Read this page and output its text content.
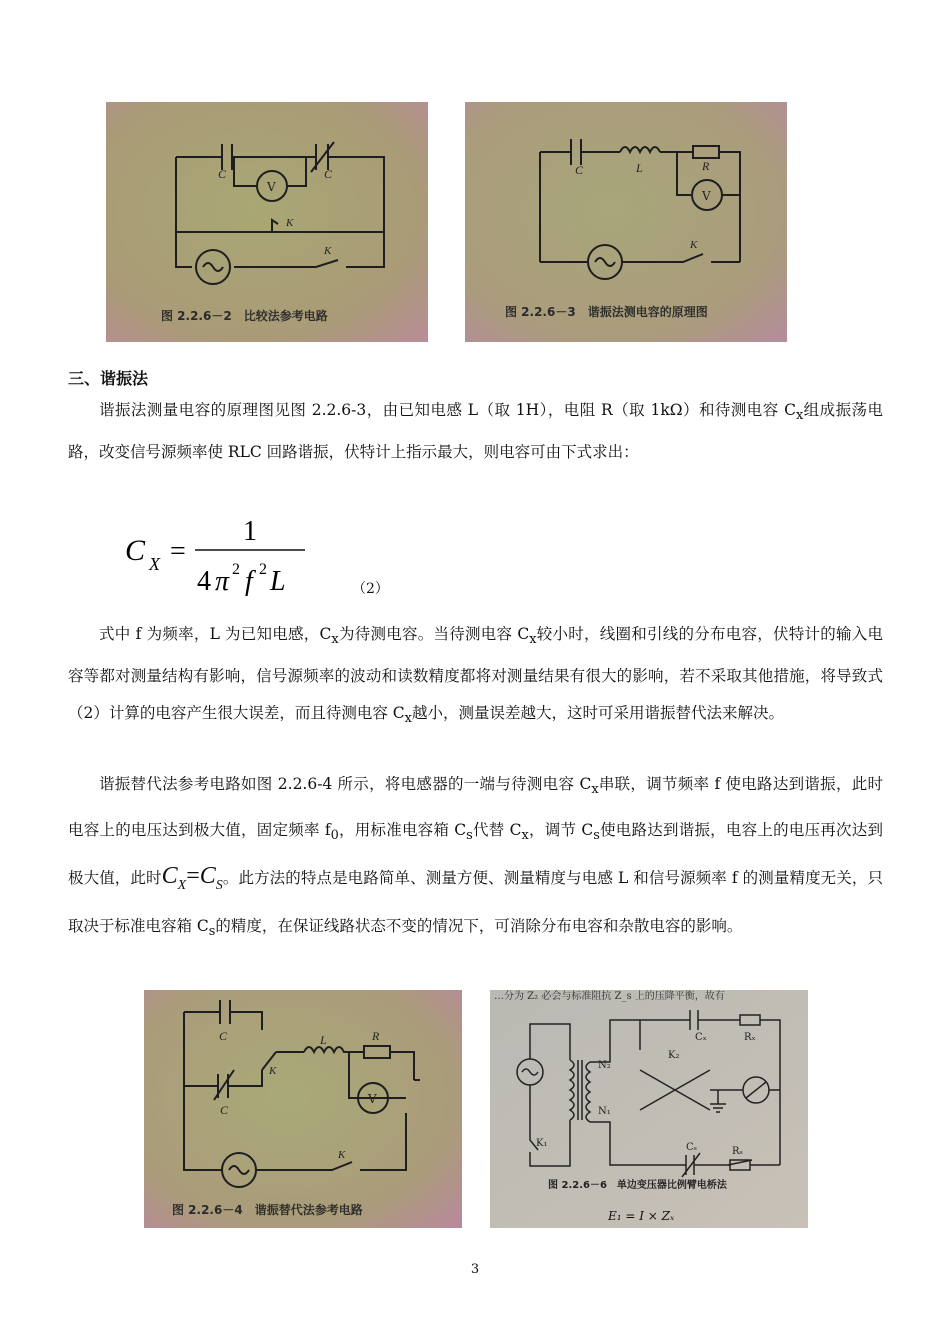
C	C
V
K
K
图 2.2.6－2　比较法参考电路
C	L	R
V
K
图 2.2.6－3　谐振法测电容的原理图
三、谐振法
谐振法测量电容的原理图见图 2.2.6-3，由已知电感 L（取 1H），电阻 R（取 1kΩ）和待测电容 $C_x$组成振荡电路，改变信号源频率使 RLC 回路谐振，伏特计上指示最大，则电容可由下式求出：
C X =
1
4 π 2 f 2 L	（2）
式中 f 为频率，L 为已知电感，$C_x$为待测电容。当待测电容 $C_x$较小时，线圈和引线的分布电容，伏特计的输入电容等都对测量结构有影响，信号源频率的波动和读数精度都将对测量结果有很大的影响，若不采取其他措施，将导致式（2）计算的电容产生很大误差，而且待测电容 $C_x$越小，测量误差越大，这时可采用谐振替代法来解决。
谐振替代法参考电路如图 2.2.6-4 所示，将电感器的一端与待测电容 $C_x$串联，调节频率 f 使电路达到谐振，此时电容上的电压达到极大值，固定频率 $f_0$，用标准电容箱 $C_s$代替 $C_x$，调节 $C_s$使电路达到谐振，电容上的电压再次达到极大值，此时$C_X=C_S$。此方法的特点是电路简单、测量方便、测量精度与电感 L 和信号源频率 f 的测量精度无关，只取决于标准电容箱 $C_s$的精度，在保证线路状态不变的情况下，可消除分布电容和杂散电容的影响。
C
C
K
L	R
V
K
图 2.2.6－4　谐振替代法参考电路
…分为 Z₂ 必会与标准阻抗 Z_s 上的压降平衡，故有
N₂
N₁
K₂
Cₓ	Rₓ
Cₛ	Rₛ
K₁
图 2.2.6－6　单边变压器比例臂电桥法
E₁ = I × Zₓ
3
